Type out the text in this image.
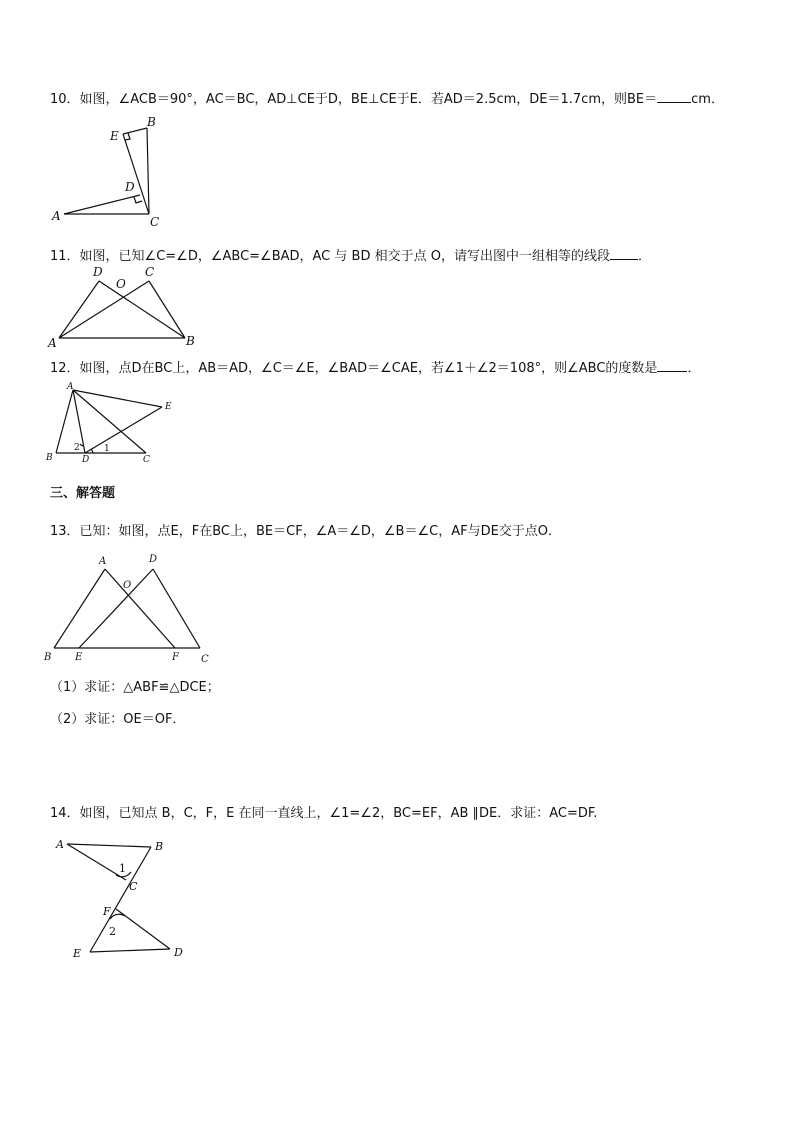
10．如图，∠ACB＝90°，AC＝BC，AD⊥CE于D，BE⊥CE于E．若AD＝2.5cm，DE＝1.7cm，则BE＝	cm．
E
B
D
A	C
11．如图，已知∠C=∠D，∠ABC=∠BAD，AC 与 BD 相交于点 O，请写出图中一组相等的线段 ．
D
O
C
A	B
12．如图，点D在BC上，AB＝AD，∠C＝∠E，∠BAD＝∠CAE，若∠1＋∠2＝108°，则∠ABC的度数是 ．
A
E
B	D	C
1
2
三、解答题
13．已知：如图，点E，F在BC上，BE＝CF，∠A＝∠D，∠B＝∠C，AF与DE交于点O．
A	D
O
B E	F C
（1）求证：△ABF≌△DCE；
（2）求证：OE＝OF．
14．如图，已知点 B，C，F，E 在同一直线上，∠1=∠2，BC=EF，AB ∥DE．求证：AC=DF.
A	B
1
C
F
2
E	D
